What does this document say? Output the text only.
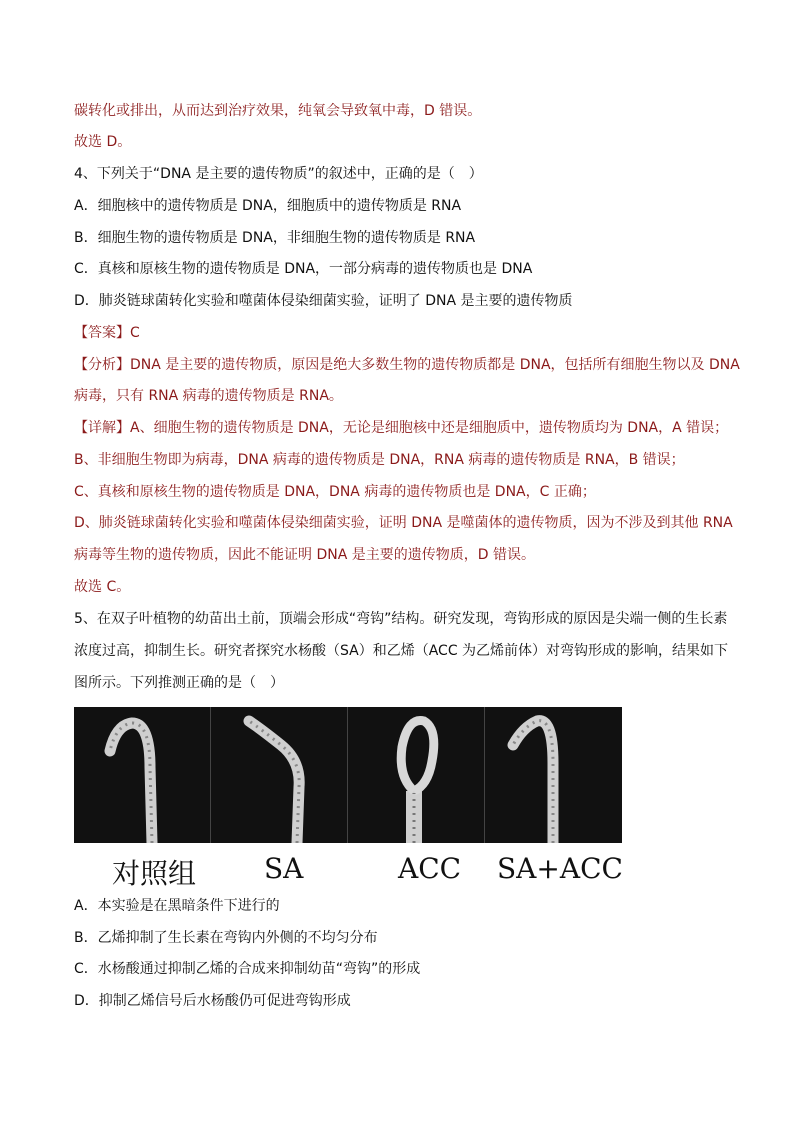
碳转化或排出，从而达到治疗效果，纯氧会导致氧中毒，D 错误。
故选 D。
4、下列关于“DNA 是主要的遗传物质”的叙述中，正确的是（　）
A．细胞核中的遗传物质是 DNA，细胞质中的遗传物质是 RNA
B．细胞生物的遗传物质是 DNA，非细胞生物的遗传物质是 RNA
C．真核和原核生物的遗传物质是 DNA，一部分病毒的遗传物质也是 DNA
D．肺炎链球菌转化实验和噬菌体侵染细菌实验，证明了 DNA 是主要的遗传物质
【答案】C
【分析】DNA 是主要的遗传物质，原因是绝大多数生物的遗传物质都是 DNA，包括所有细胞生物以及 DNA
病毒，只有 RNA 病毒的遗传物质是 RNA。
【详解】A、细胞生物的遗传物质是 DNA，无论是细胞核中还是细胞质中，遗传物质均为 DNA，A 错误；
B、非细胞生物即为病毒，DNA 病毒的遗传物质是 DNA，RNA 病毒的遗传物质是 RNA，B 错误；
C、真核和原核生物的遗传物质是 DNA，DNA 病毒的遗传物质也是 DNA，C 正确；
D、肺炎链球菌转化实验和噬菌体侵染细菌实验，证明 DNA 是噬菌体的遗传物质，因为不涉及到其他 RNA
病毒等生物的遗传物质，因此不能证明 DNA 是主要的遗传物质，D 错误。
故选 C。
5、在双子叶植物的幼苗出土前，顶端会形成“弯钩”结构。研究发现，弯钩形成的原因是尖端一侧的生长素
浓度过高，抑制生长。研究者探究水杨酸（SA）和乙烯（ACC 为乙烯前体）对弯钩形成的影响，结果如下
图所示。下列推测正确的是（　）
对照组 SA	ACC SA+ACC
A．本实验是在黑暗条件下进行的
B．乙烯抑制了生长素在弯钩内外侧的不均匀分布
C．水杨酸通过抑制乙烯的合成来抑制幼苗“弯钩”的形成
D．抑制乙烯信号后水杨酸仍可促进弯钩形成
